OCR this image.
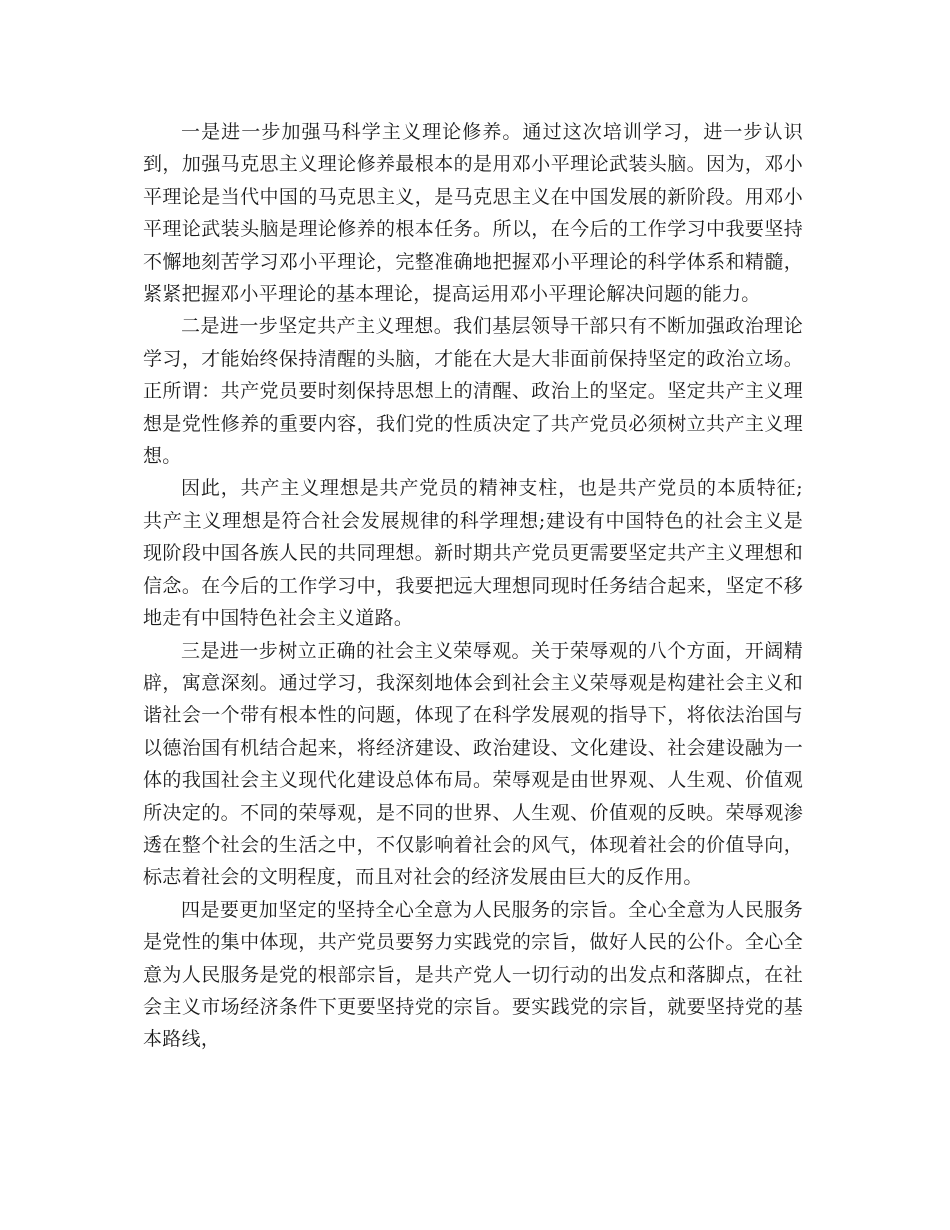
一是进一步加强马科学主义理论修养。通过这次培训学习，进一步认识到，加强马克思主义理论修养最根本的是用邓小平理论武装头脑。因为，邓小平理论是当代中国的马克思主义，是马克思主义在中国发展的新阶段。用邓小平理论武装头脑是理论修养的根本任务。所以，在今后的工作学习中我要坚持不懈地刻苦学习邓小平理论，完整准确地把握邓小平理论的科学体系和精髓，紧紧把握邓小平理论的基本理论，提高运用邓小平理论解决问题的能力。

二是进一步坚定共产主义理想。我们基层领导干部只有不断加强政治理论学习，才能始终保持清醒的头脑，才能在大是大非面前保持坚定的政治立场。正所谓：共产党员要时刻保持思想上的清醒、政治上的坚定。坚定共产主义理想是党性修养的重要内容，我们党的性质决定了共产党员必须树立共产主义理想。

因此，共产主义理想是共产党员的精神支柱，也是共产党员的本质特征;共产主义理想是符合社会发展规律的科学理想;建设有中国特色的社会主义是现阶段中国各族人民的共同理想。新时期共产党员更需要坚定共产主义理想和信念。在今后的工作学习中，我要把远大理想同现时任务结合起来，坚定不移地走有中国特色社会主义道路。

三是进一步树立正确的社会主义荣辱观。关于荣辱观的八个方面，开阔精辟，寓意深刻。通过学习，我深刻地体会到社会主义荣辱观是构建社会主义和谐社会一个带有根本性的问题，体现了在科学发展观的指导下，将依法治国与以德治国有机结合起来，将经济建设、政治建设、文化建设、社会建设融为一体的我国社会主义现代化建设总体布局。荣辱观是由世界观、人生观、价值观所决定的。不同的荣辱观，是不同的世界、人生观、价值观的反映。荣辱观渗透在整个社会的生活之中，不仅影响着社会的风气，体现着社会的价值导向，标志着社会的文明程度，而且对社会的经济发展由巨大的反作用。

四是要更加坚定的坚持全心全意为人民服务的宗旨。全心全意为人民服务是党性的集中体现，共产党员要努力实践党的宗旨，做好人民的公仆。全心全意为人民服务是党的根部宗旨，是共产党人一切行动的出发点和落脚点，在社会主义市场经济条件下更要坚持党的宗旨。要实践党的宗旨，就要坚持党的基本路线，
